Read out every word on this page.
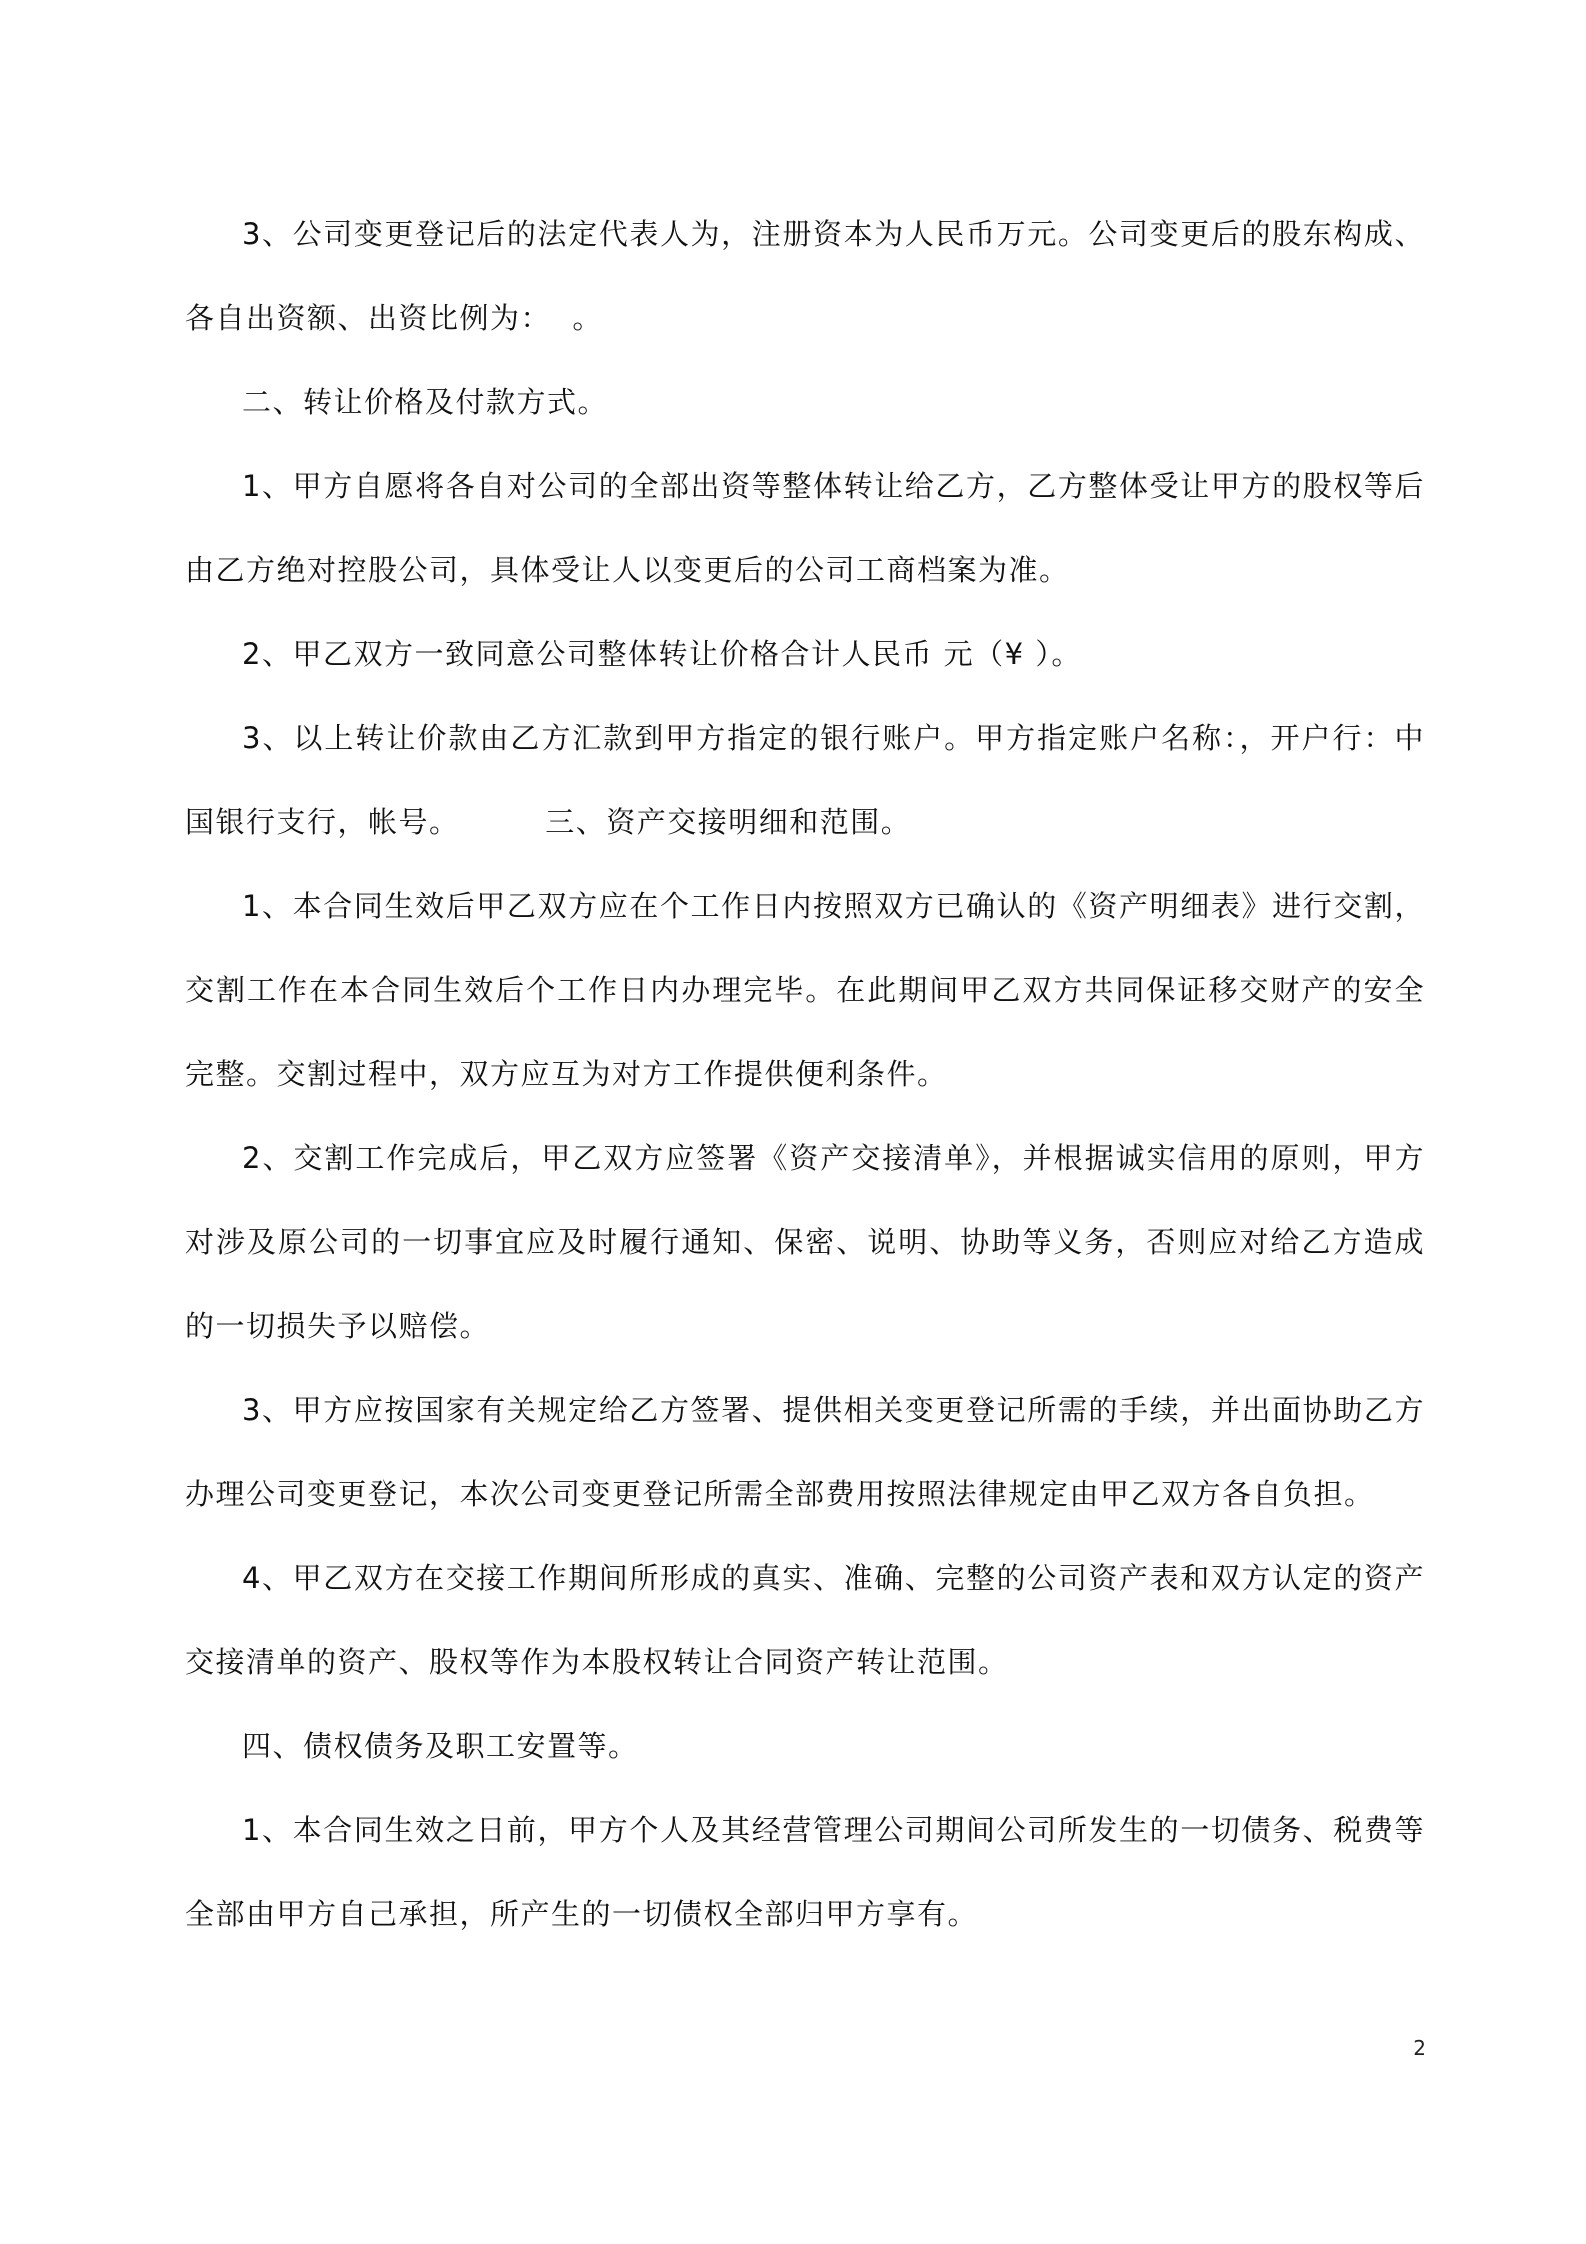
3、公司变更登记后的法定代表人为，注册资本为人民币万元。公司变更后的股东构成、各自出资额、出资比例为：  。

二、转让价格及付款方式。

1、甲方自愿将各自对公司的全部出资等整体转让给乙方，乙方整体受让甲方的股权等后由乙方绝对控股公司，具体受让人以变更后的公司工商档案为准。

2、甲乙双方一致同意公司整体转让价格合计人民币 元（¥ ）。

3、以上转让价款由乙方汇款到甲方指定的银行账户。甲方指定账户名称：，开户行：中国银行支行，帐号。        三、资产交接明细和范围。

1、本合同生效后甲乙双方应在个工作日内按照双方已确认的《资产明细表》进行交割，交割工作在本合同生效后个工作日内办理完毕。在此期间甲乙双方共同保证移交财产的安全完整。交割过程中，双方应互为对方工作提供便利条件。

2、交割工作完成后，甲乙双方应签署《资产交接清单》，并根据诚实信用的原则，甲方对涉及原公司的一切事宜应及时履行通知、保密、说明、协助等义务，否则应对给乙方造成的一切损失予以赔偿。

3、甲方应按国家有关规定给乙方签署、提供相关变更登记所需的手续，并出面协助乙方办理公司变更登记，本次公司变更登记所需全部费用按照法律规定由甲乙双方各自负担。

4、甲乙双方在交接工作期间所形成的真实、准确、完整的公司资产表和双方认定的资产交接清单的资产、股权等作为本股权转让合同资产转让范围。

四、债权债务及职工安置等。

1、本合同生效之日前，甲方个人及其经营管理公司期间公司所发生的一切债务、税费等全部由甲方自己承担，所产生的一切债权全部归甲方享有。

2
